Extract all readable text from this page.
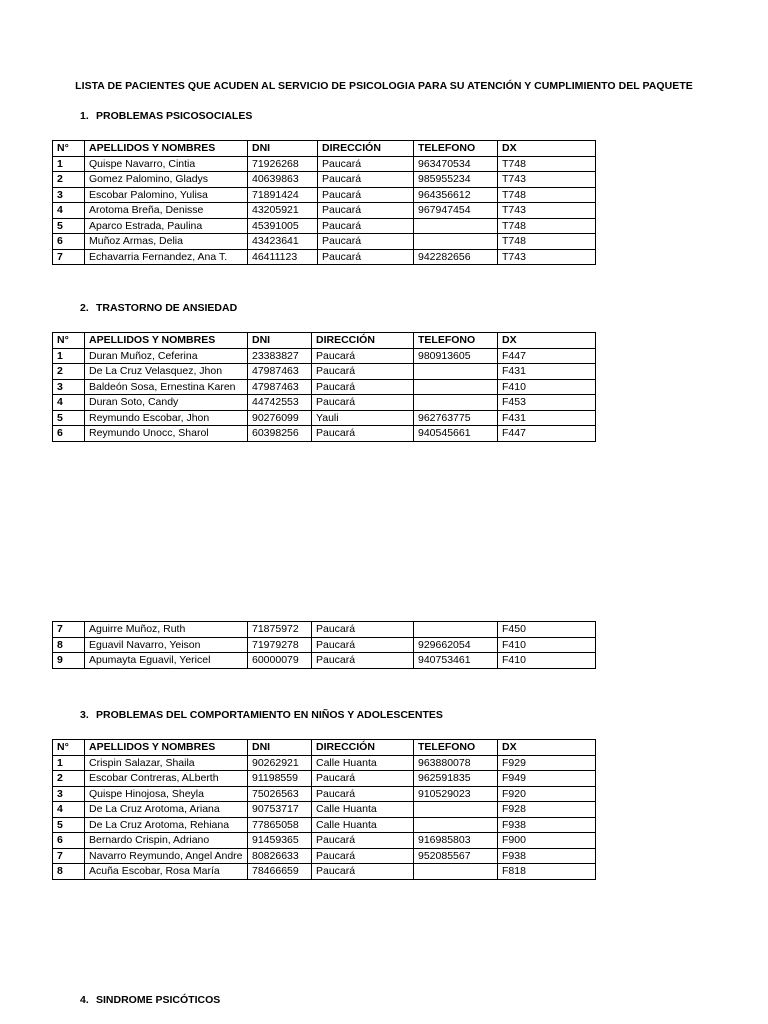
LISTA DE PACIENTES QUE ACUDEN AL SERVICIO DE PSICOLOGIA PARA SU ATENCIÓN Y CUMPLIMIENTO DEL PAQUETE
1. PROBLEMAS PSICOSOCIALES
N°	APELLIDOS Y NOMBRES	DNI	DIRECCIÓN	TELEFONO	DX
1	Quispe Navarro, Cintia	71926268	Paucará	963470534	T748
2	Gomez Palomino, Gladys	40639863	Paucará	985955234	T743
3	Escobar Palomino, Yulisa	71891424	Paucará	964356612	T748
4	Arotoma Breña, Denisse	43205921	Paucará	967947454	T743
5	Aparco Estrada, Paulina	45391005	Paucará		T748
6	Muñoz Armas, Delia	43423641	Paucará		T748
7	Echavarria Fernandez, Ana T.	46411123	Paucará	942282656	T743
2. TRASTORNO DE ANSIEDAD
N°	APELLIDOS Y NOMBRES	DNI	DIRECCIÓN	TELEFONO	DX
1	Duran Muñoz, Ceferina	23383827	Paucará	980913605	F447
2	De La Cruz Velasquez, Jhon	47987463	Paucará		F431
3	Baldeón Sosa, Ernestina Karen	47987463	Paucará		F410
4	Duran Soto, Candy	44742553	Paucará		F453
5	Reymundo Escobar, Jhon	90276099	Yauli	962763775	F431
6	Reymundo Unocc, Sharol	60398256	Paucará	940545661	F447
7	Aguirre Muñoz, Ruth	71875972	Paucará		F450
8	Eguavil Navarro, Yeison	71979278	Paucará	929662054	F410
9	Apumayta Eguavil, Yericel	60000079	Paucará	940753461	F410
3. PROBLEMAS DEL COMPORTAMIENTO EN NIÑOS Y ADOLESCENTES
N°	APELLIDOS Y NOMBRES	DNI	DIRECCIÓN	TELEFONO	DX
1	Crispin Salazar, Shaila	90262921	Calle Huanta	963880078	F929
2	Escobar Contreras, ALberth	91198559	Paucará	962591835	F949
3	Quispe Hinojosa, Sheyla	75026563	Paucará	910529023	F920
4	De La Cruz Arotoma, Ariana	90753717	Calle Huanta		F928
5	De La Cruz Arotoma, Rehiana	77865058	Calle Huanta		F938
6	Bernardo Crispin, Adriano	91459365	Paucará	916985803	F900
7	Navarro Reymundo, Angel Andre	80826633	Paucará	952085567	F938
8	Acuña Escobar, Rosa María	78466659	Paucará		F818
4. SINDROME PSICÓTICOS
